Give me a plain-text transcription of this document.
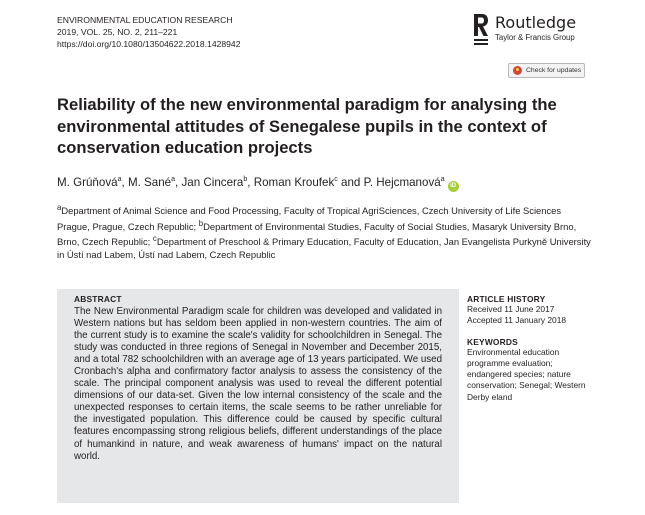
ENVIRONMENTAL EDUCATION RESEARCH
2019, VOL. 25, NO. 2, 211–221
https://doi.org/10.1080/13504622.2018.1428942
Routledge
Taylor & Francis Group
Check for updates
Reliability of the new environmental paradigm for analysing the environmental attitudes of Senegalese pupils in the context of conservation education projects
M. Grúňová$^a$, M. Sané$^a$, Jan Cincera$^b$, Roman Kroufek$^c$ and P. Hejcmanová$^a$iD

$^a$Department of Animal Science and Food Processing, Faculty of Tropical AgriSciences, Czech University of Life Sciences Prague, Prague, Czech Republic; $^b$Department of Environmental Studies, Faculty of Social Studies, Masaryk University Brno, Brno, Czech Republic; $^c$Department of Preschool & Primary Education, Faculty of Education, Jan Evangelista Purkyně University in Ústí nad Labem, Ústí nad Labem, Czech Republic

ABSTRACT

The New Environmental Paradigm scale for children was developed and validated in Western nations but has seldom been applied in non-western countries. The aim of the current study is to examine the scale's validity for schoolchildren in Senegal. The study was conducted in three regions of Senegal in November and December 2015, and a total 782 schoolchildren with an average age of 13 years participated. We used Cronbach's alpha and confirmatory factor analysis to assess the consistency of the scale. The principal component analysis was used to reveal the different potential dimensions of our data-set. Given the low internal consistency of the scale and the unexpected responses to certain items, the scale seems to be rather unreliable for the investigated population. This difference could be caused by specific cultural features encompassing strong religious beliefs, different understandings of the place of humankind in nature, and weak awareness of humans' impact on the natural world.

ARTICLE HISTORY
Received 11 June 2017
Accepted 11 January 2018
KEYWORDS

Environmental education programme evaluation; endangered species; nature conservation; Senegal; Western Derby eland
